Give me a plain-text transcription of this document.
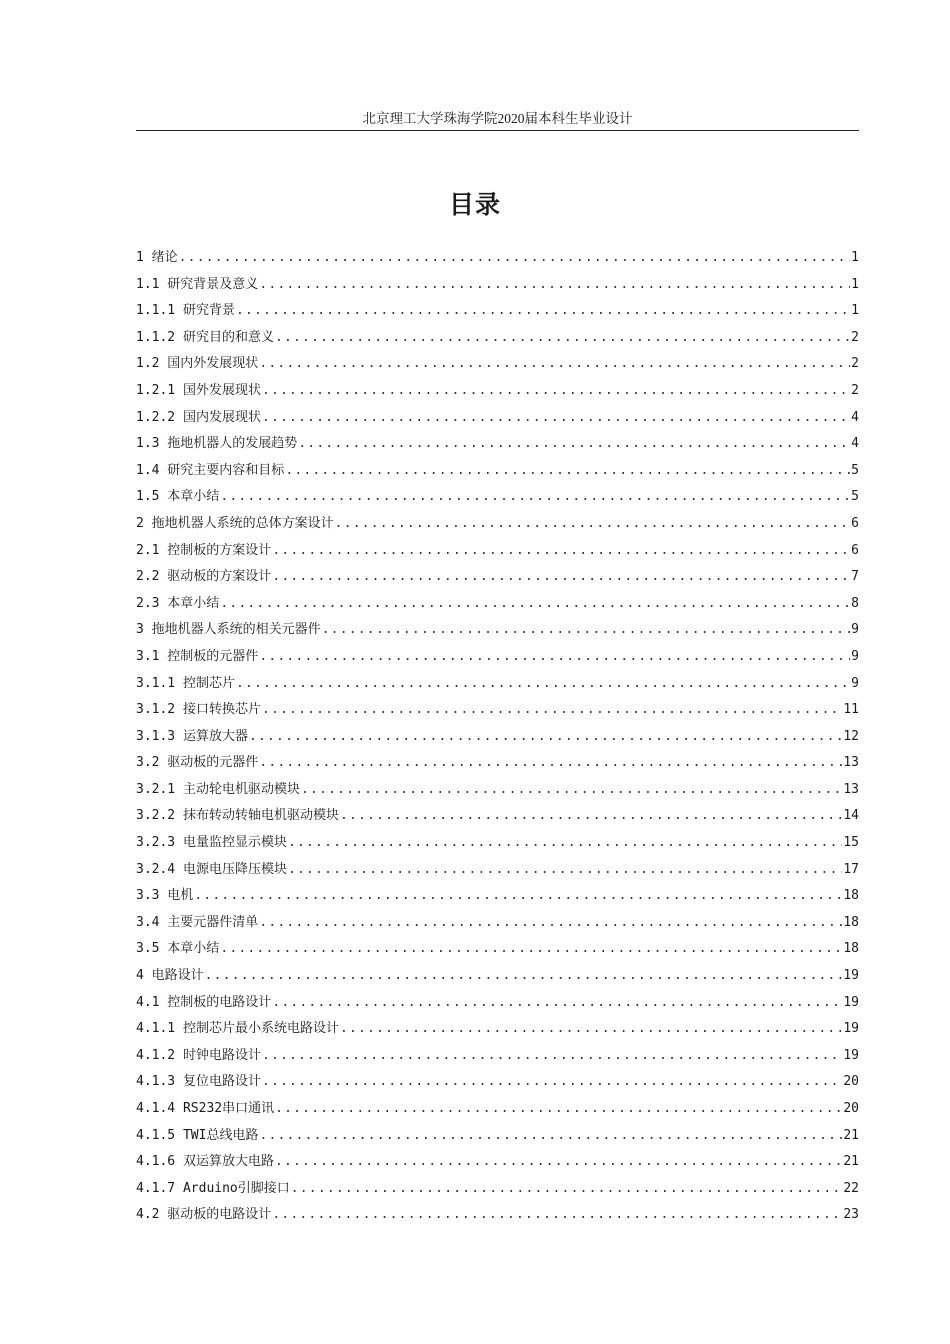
北京理工大学珠海学院2020届本科生毕业设计
目录
1 绪论 .....	1
1.1 研究背景及意义 .....	1
1.1.1 研究背景 .....	1
1.1.2 研究目的和意义 .....	2
1.2 国内外发展现状 .....	2
1.2.1 国外发展现状 .....	2
1.2.2 国内发展现状 .....	4
1.3 拖地机器人的发展趋势 .....	4
1.4 研究主要内容和目标 .....	5
1.5 本章小结 .....	5
2 拖地机器人系统的总体方案设计 .....	6
2.1 控制板的方案设计 .....	6
2.2 驱动板的方案设计 .....	7
2.3 本章小结 .....	8
3 拖地机器人系统的相关元器件 .....	9
3.1 控制板的元器件 .....	9
3.1.1 控制芯片 .....	9
3.1.2 接口转换芯片 .....	11
3.1.3 运算放大器 .....	12
3.2 驱动板的元器件 .....	13
3.2.1 主动轮电机驱动模块 .....	13
3.2.2 抹布转动转轴电机驱动模块 .....	14
3.2.3 电量监控显示模块 .....	15
3.2.4 电源电压降压模块 .....	17
3.3 电机 .....	18
3.4 主要元器件清单 .....	18
3.5 本章小结 .....	18
4 电路设计 .....	19
4.1 控制板的电路设计 .....	19
4.1.1 控制芯片最小系统电路设计 .....	19
4.1.2 时钟电路设计 .....	19
4.1.3 复位电路设计 .....	20
4.1.4 RS232串口通讯 .....	20
4.1.5 TWI总线电路 .....	21
4.1.6 双运算放大电路 .....	21
4.1.7 Arduino引脚接口 .....	22
4.2 驱动板的电路设计 .....	23
